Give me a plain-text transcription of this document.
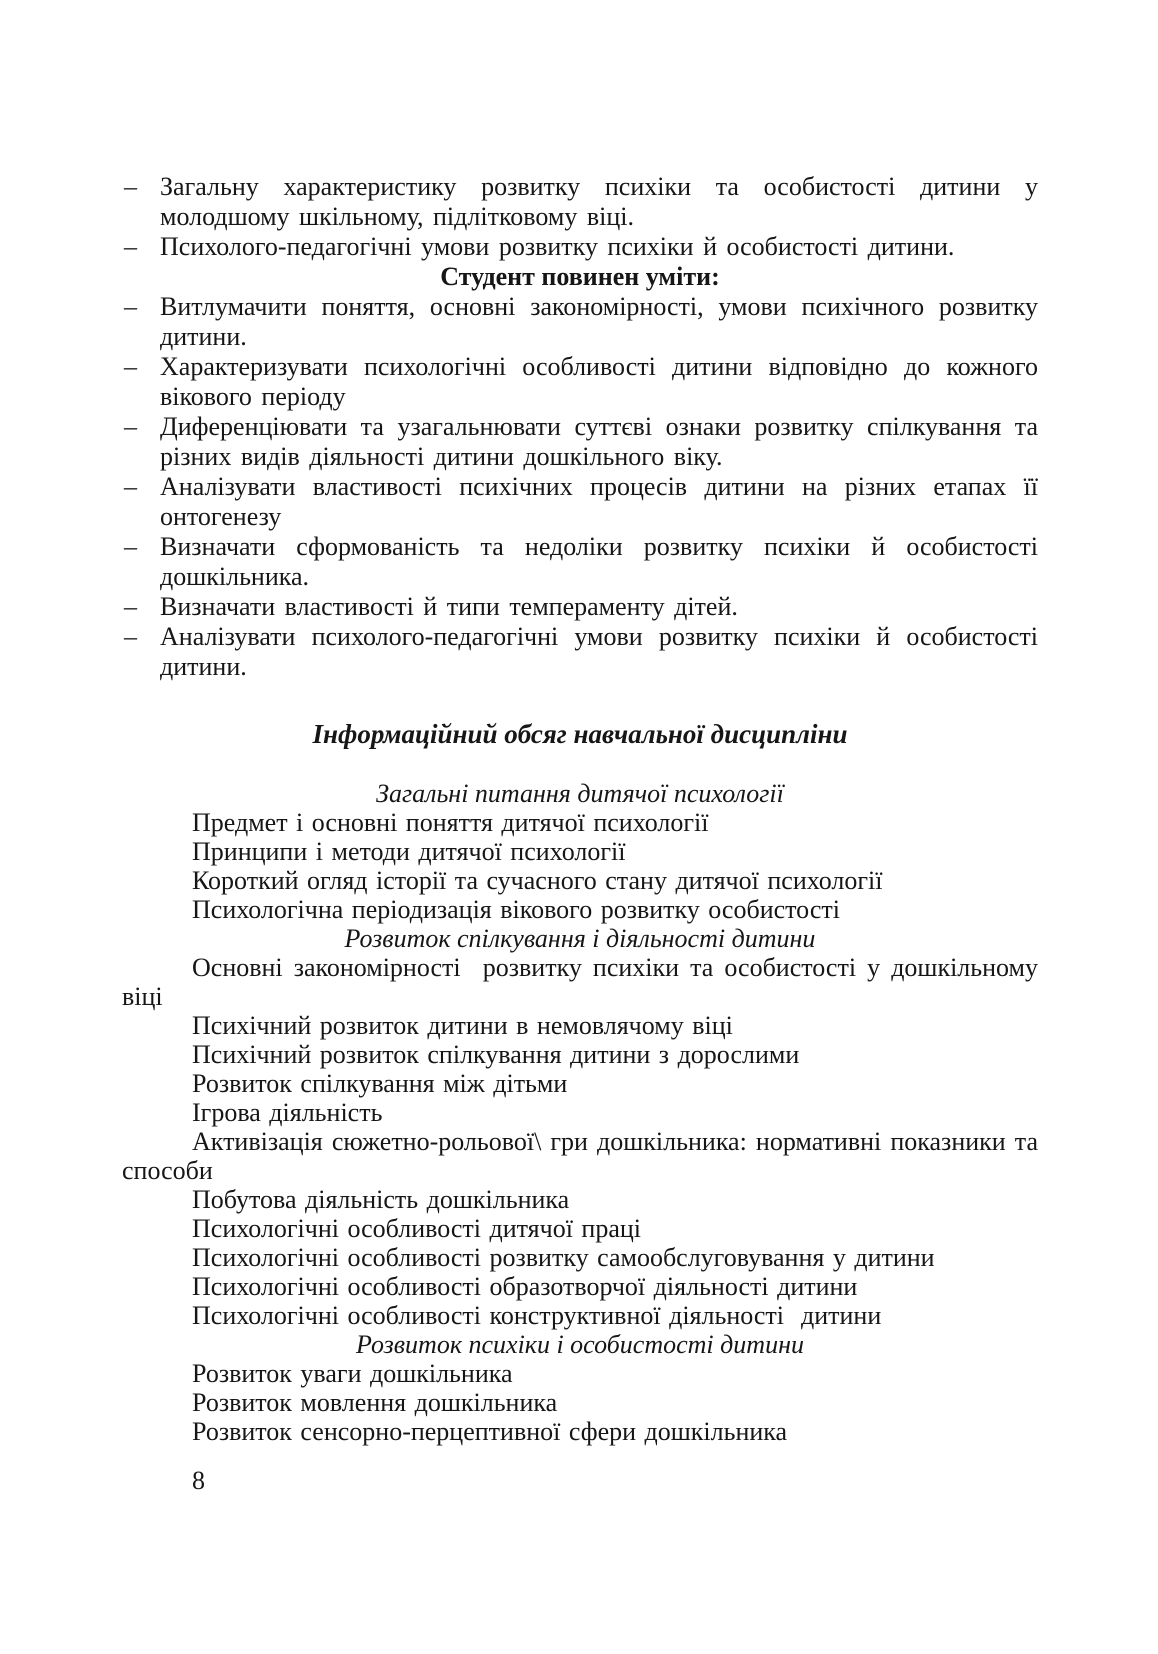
– Загальну характеристику розвитку психіки та особистості дитини у молодшому шкільному, підлітковому віці.
– Психолого-педагогічні умови розвитку психіки й особистості дитини.

Студент повинен уміти:

– Витлумачити поняття, основні закономірності, умови психічного розвитку дитини.
– Характеризувати психологічні особливості дитини відповідно до кожного вікового періоду
– Диференціювати та узагальнювати суттєві ознаки розвитку спілкування та різних видів діяльності дитини дошкільного віку.
– Аналізувати властивості психічних процесів дитини на різних етапах її онтогенезу
– Визначати сформованість та недоліки розвитку психіки й особистості дошкільника.
– Визначати властивості й типи темпераменту дітей.
– Аналізувати психолого-педагогічні умови розвитку психіки й особистості дитини.

Інформаційний обсяг навчальної дисципліни

Загальні питання дитячої психології

Предмет і основні поняття дитячої психології

Принципи і методи дитячої психології

Короткий огляд історії та сучасного стану дитячої психології

Психологічна періодизація вікового розвитку особистості

Розвиток спілкування і діяльності дитини

Основні закономірності  розвитку психіки та особистості у дошкільному віці

Психічний розвиток дитини в немовлячому віці

Психічний розвиток спілкування дитини з дорослими

Розвиток спілкування між дітьми

Ігрова діяльність

Активізація сюжетно-рольової\ гри дошкільника: нормативні показники та способи

Побутова діяльність дошкільника

Психологічні особливості дитячої праці

Психологічні особливості розвитку самообслуговування у дитини

Психологічні особливості образотворчої діяльності дитини

Психологічні особливості конструктивної діяльності  дитини

Розвиток психіки і особистості дитини

Розвиток уваги дошкільника

Розвиток мовлення дошкільника

Розвиток сенсорно-перцептивної сфери дошкільника

8
